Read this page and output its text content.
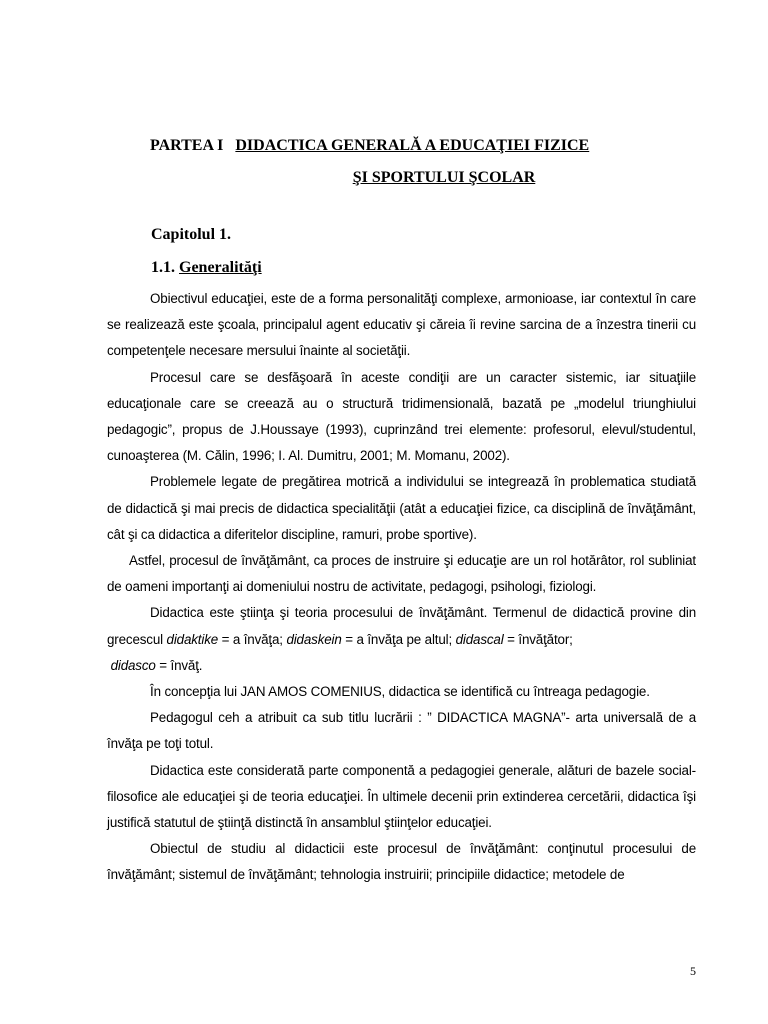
PARTEA I DIDACTICA GENERALĂ A EDUCAŢIEI FIZICE
ŞI SPORTULUI ŞCOLAR
Capitolul 1.
1.1. Generalităţi

Obiectivul educaţiei, este de a forma personalităţi complexe, armonioase, iar contextul în care se realizează este şcoala, principalul agent educativ şi căreia îi revine sarcina de a înzestra tinerii cu competenţele necesare mersului înainte al societăţii.

Procesul care se desfăşoară în aceste condiţii are un caracter sistemic, iar situaţiile educaţionale care se creează au o structură tridimensională, bazată pe „modelul triunghiului pedagogic”, propus de J.Houssaye (1993), cuprinzând trei elemente: profesorul, elevul/studentul, cunoaşterea (M. Călin, 1996; I. Al. Dumitru, 2001; M. Momanu, 2002).

Problemele legate de pregătirea motrică a individului se integrează în problematica studiată de didactică şi mai precis de didactica specialităţii (atât a educaţiei fizice, ca disciplină de învăţământ, cât şi ca didactica a diferitelor discipline, ramuri, probe sportive).

Astfel, procesul de învăţământ, ca proces de instruire şi educaţie are un rol hotărâtor, rol subliniat de oameni importanţi ai domeniului nostru de activitate, pedagogi, psihologi, fiziologi.

Didactica este ştiinţa şi teoria procesului de învăţământ. Termenul de didactică provine din grecescul didaktike = a învăţa; didaskein = a învăţa pe altul; didascal = învăţător;

didasco = învăţ.

În concepţia lui JAN AMOS COMENIUS, didactica se identifică cu întreaga pedagogie.

Pedagogul ceh a atribuit ca sub titlu lucrării : ” DIDACTICA MAGNA”- arta universală de a învăţa pe toţi totul.

Didactica este considerată parte componentă a pedagogiei generale, alături de bazele social-filosofice ale educaţiei şi de teoria educaţiei. În ultimele decenii prin extinderea cercetării, didactica îşi justifică statutul de ştiinţă distinctă în ansamblul ştiinţelor educaţiei.

Obiectul de studiu al didacticii este procesul de învăţământ: conţinutul procesului de învăţământ; sistemul de învăţământ; tehnologia instruirii; principiile didactice; metodele de

5
